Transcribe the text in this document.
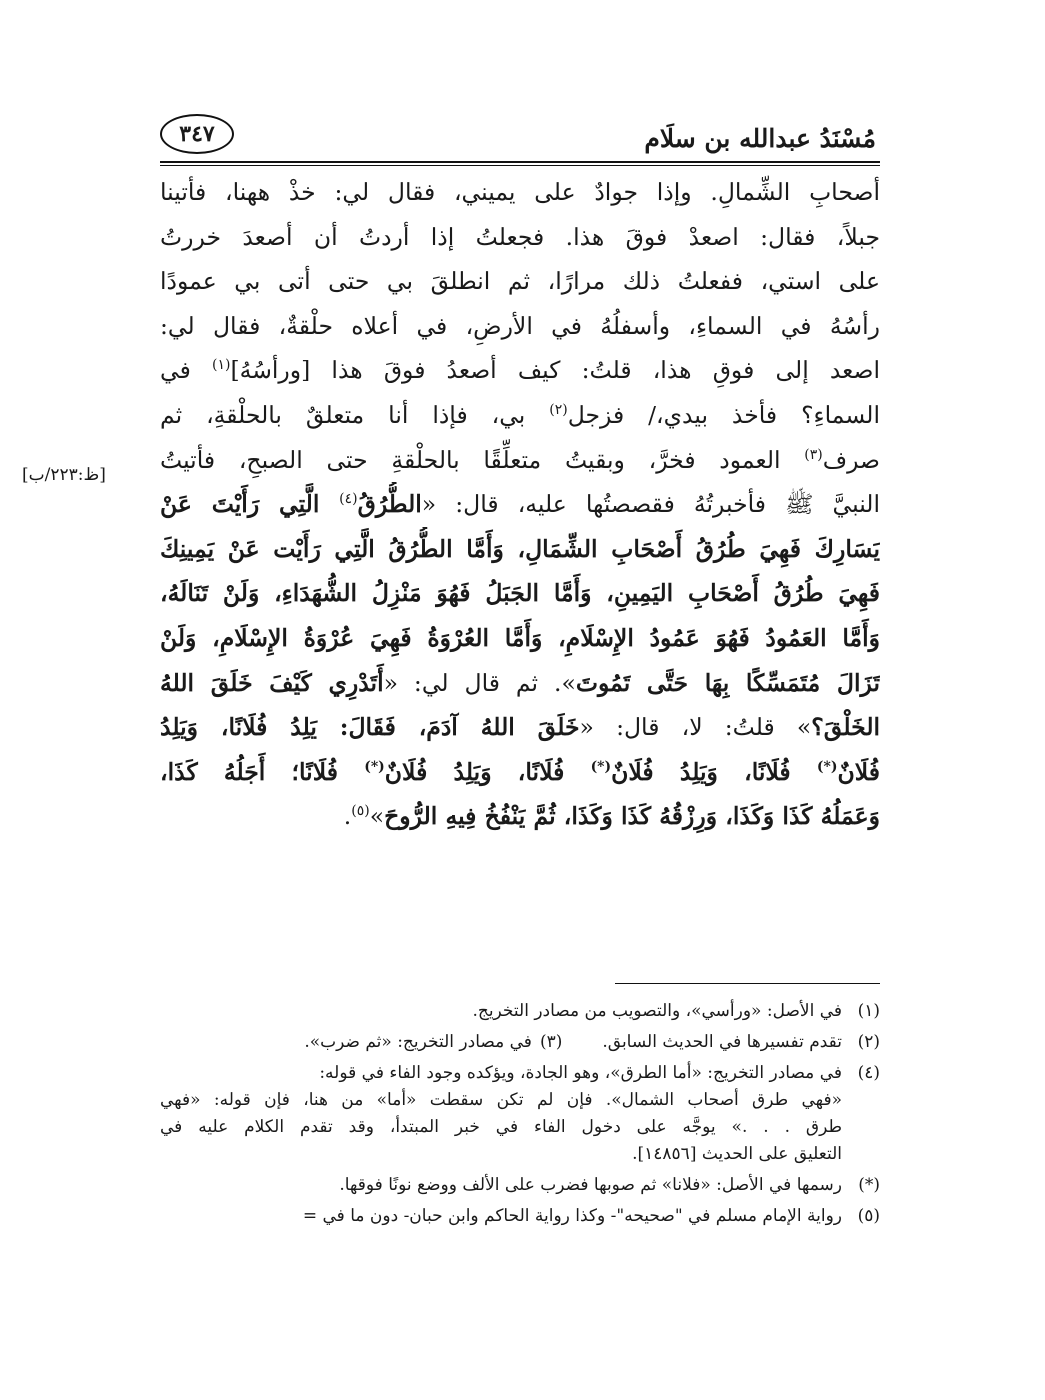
مُسْنَدُ عبدالله بن سلَام
٣٤٧
[ظ:٢٢٣/ب]
أصحابِ الشِّمالِ. وإذا جوادٌ على يميني، فقال لي: خذْ ههنا، فأتينا
جبلاً، فقال: اصعدْ فوقَ هذا. فجعلتُ إذا أردتُ أن أصعدَ خررتُ
على استي، ففعلتُ ذلك مرارًا، ثم انطلقَ بي حتى أتى بي عمودًا
رأسُهُ في السماءِ، وأسفلُهُ في الأرضِ، في أعلاه حلْقةٌ، فقال لي:
اصعد إلى فوقِ هذا، قلتُ: كيف أصعدُ فوقَ هذا [ورأسُهُ]$^{(١)}$ في
السماءِ؟ فأخذ بيدي،/ فزجل$^{(٢)}$ بي، فإذا أنا متعلقٌ بالحلْقةِ، ثم
صرف$^{(٣)}$ العمود فخرَّ، وبقيتُ متعلِّقًا بالحلْقةِ حتى الصبحِ، فأتيتُ
النبيَّ ﷺ فأخبرتُهُ فقصصتُها عليه، قال: «الطُّرُقُ$^{(٤)}$ الَّتِي رَأَيْتَ عَنْ
يَسَارِكَ فَهِيَ طُرُقُ أَصْحَابِ الشِّمَالِ، وَأَمَّا الطُّرُقُ الَّتِي رَأَيْت عَنْ يَمِينِكَ
فَهِيَ طُرُقُ أَصْحَابِ اليَمِينِ، وَأَمَّا الجَبَلُ فَهُوَ مَنْزِلُ الشُّهَدَاءِ، وَلَنْ تَنَالَهُ،
وَأَمَّا العَمُودُ فَهُوَ عَمُودُ الإِسْلَامِ، وَأَمَّا العُرْوَةُ فَهِيَ عُرْوَةُ الإِسْلَامِ، وَلَنْ
تَزَالَ مُتَمَسِّكًا بِهَا حَتَّى تَمُوتَ». ثم قال لي: «أَتَدْرِي كَيْفَ خَلَقَ اللهُ
الخَلْقَ؟» قلتُ: لا، قال: «خَلَقَ اللهُ آدَمَ، فَقَالَ: يَلِدُ فُلَانًا، وَيَلِدُ
فُلَانٌ(*) فُلَانًا، وَيَلِدُ فُلَانٌ(*) فُلَانًا، وَيَلِدُ فُلَانٌ(*) فُلَانًا؛ أَجَلُهُ كَذَا،
وَعَمَلُهُ كَذَا وَكَذَا، وَرِزْقُهُ كَذَا وَكَذَا، ثُمَّ يَنْفُخُ فِيهِ الرُّوحَ»$^{(٥)}$.
(١)
في الأصل: «ورأسي»، والتصويب من مصادر التخريج.
(٢)
تقدم تفسيرها في الحديث السابق.
(٣)
في مصادر التخريج: «ثم ضرب».
(٤)
في مصادر التخريج: «أما الطرق»، وهو الجادة، ويؤكده وجود الفاء في قوله:
«فهي طرق أصحاب الشمال». فإن لم تكن سقطت «أما» من هنا، فإن قوله: «فهي
طرق . . .» يوجَّه على دخول الفاء في خبر المبتدأ، وقد تقدم الكلام عليه في
التعليق على الحديث [١٤٨٥٦].
(*)
رسمها في الأصل: «فلانا» ثم صوبها فضرب على الألف ووضع نونًا فوقها.
(٥)
رواية الإمام مسلم في "صحيحه"- وكذا رواية الحاكم وابن حبان- دون ما في =
